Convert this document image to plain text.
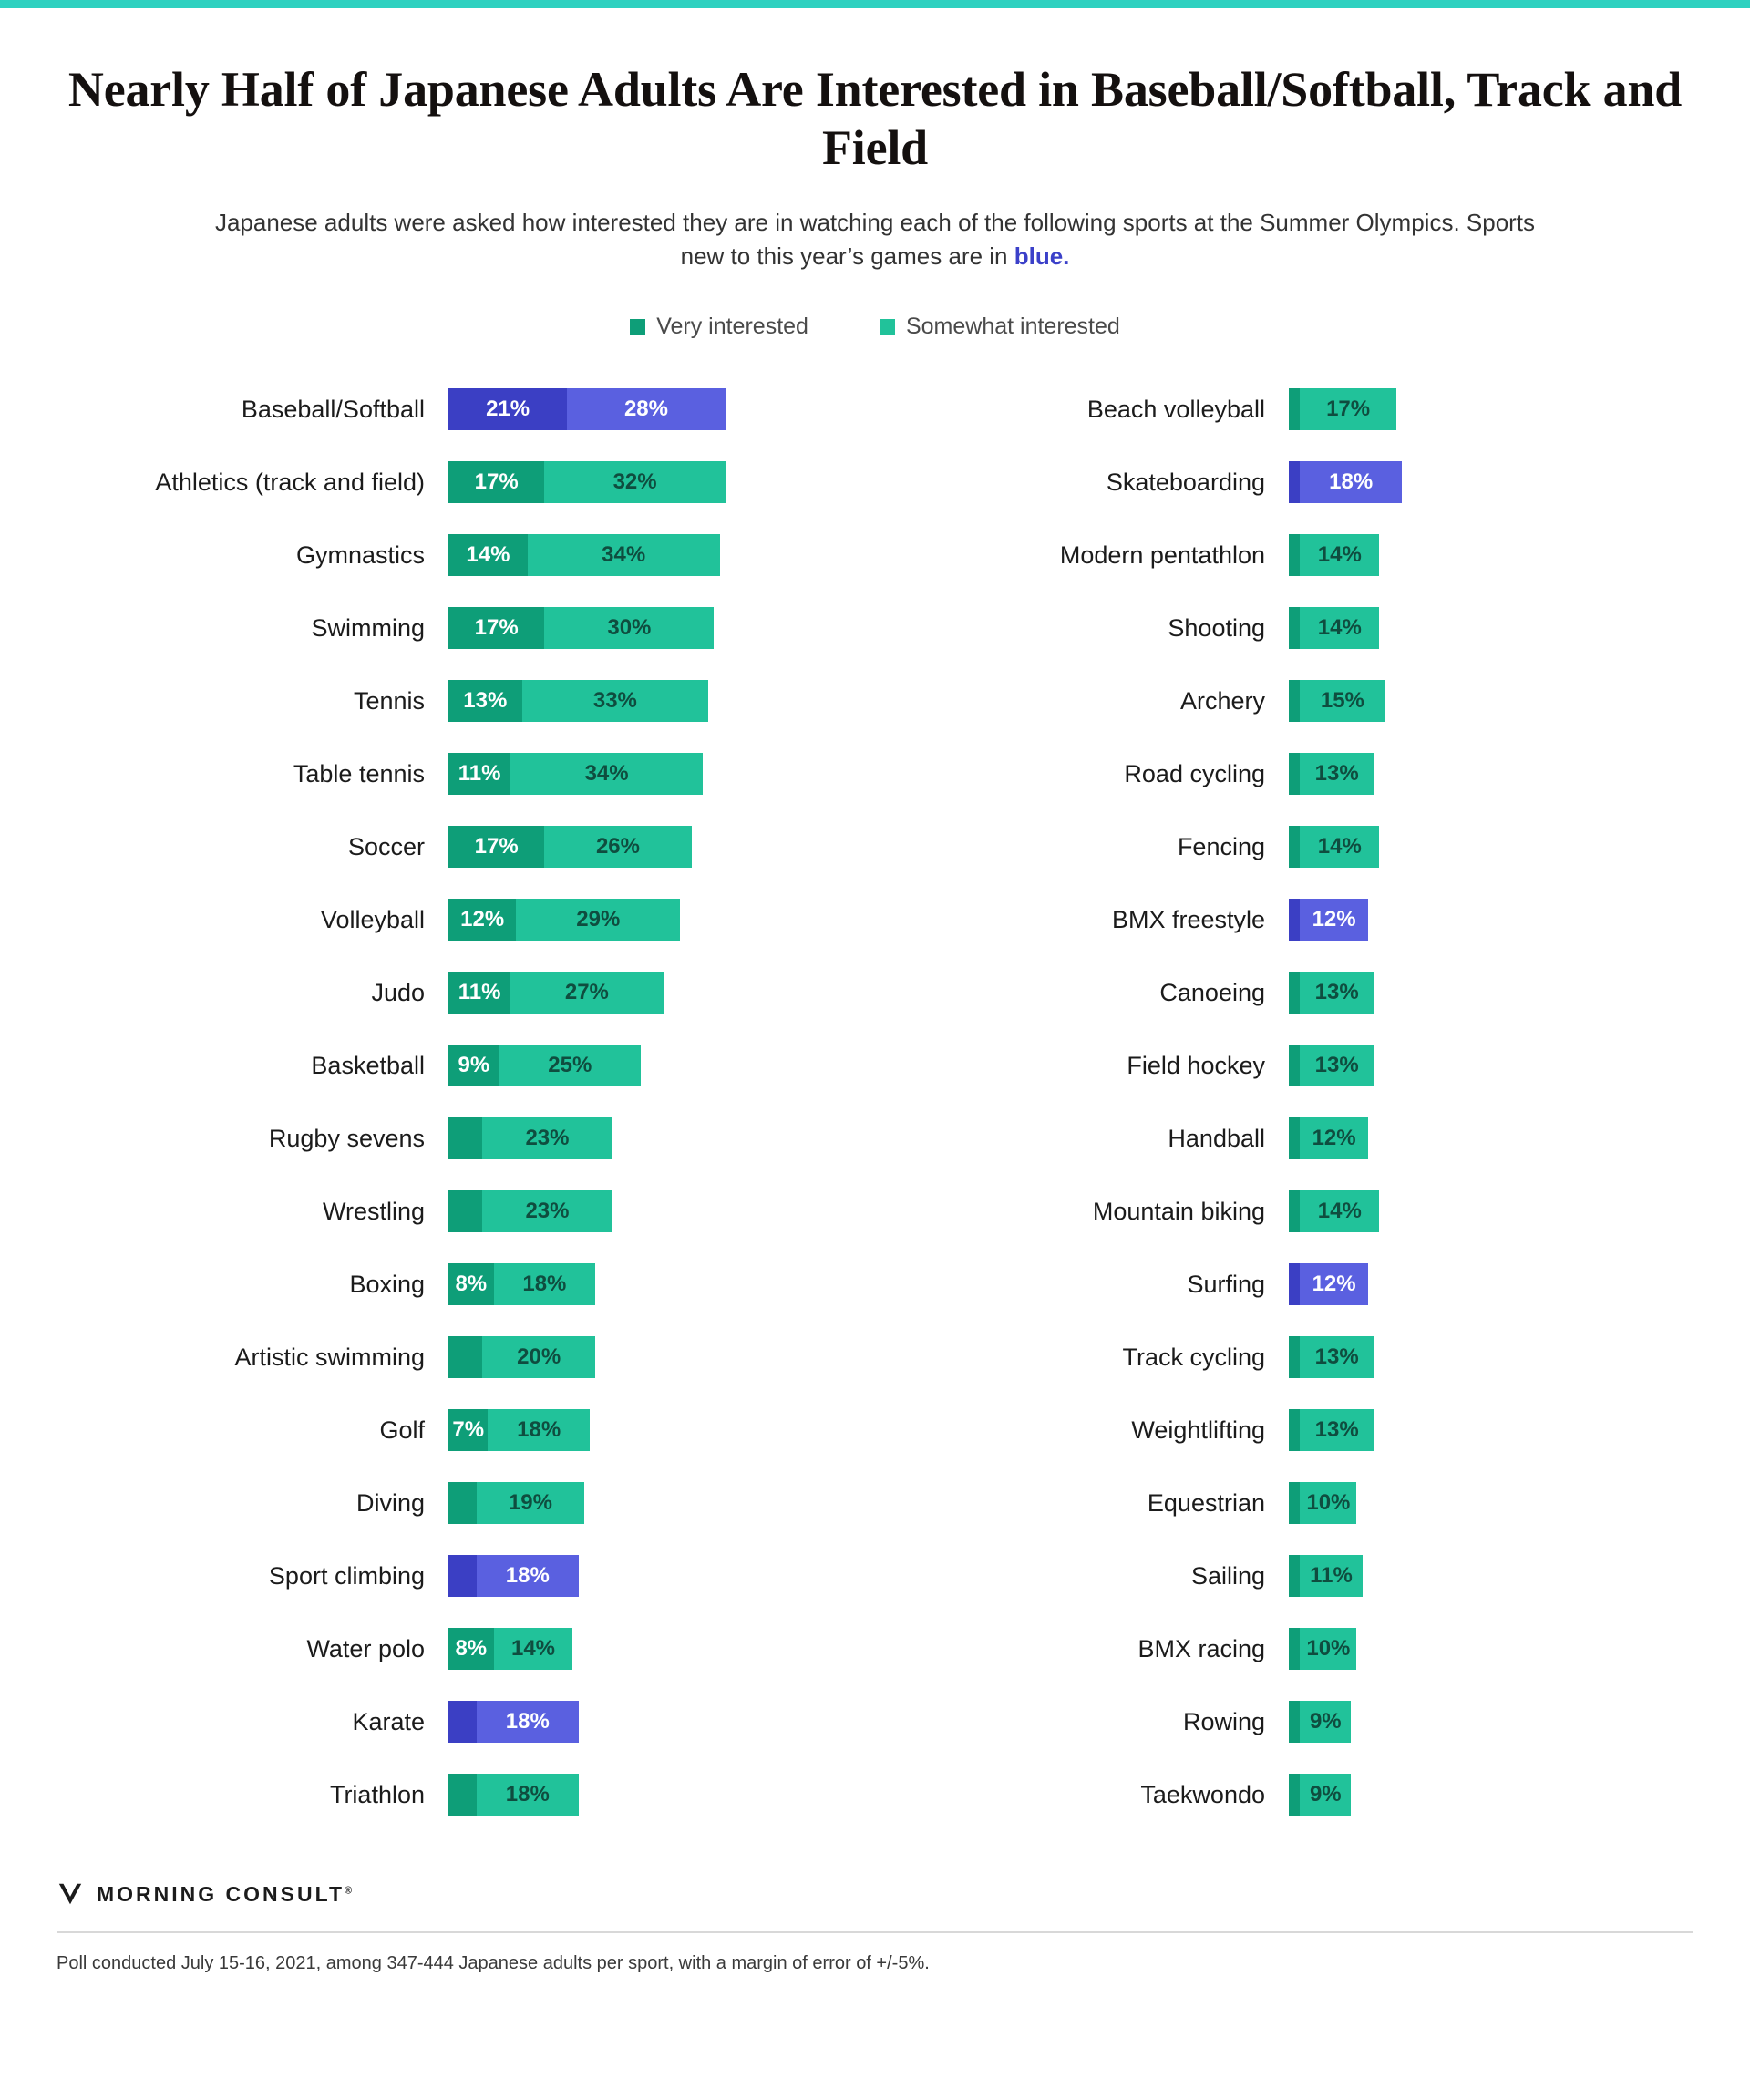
Nearly Half of Japanese Adults Are Interested in Baseball/Softball, Track and Field
Japanese adults were asked how interested they are in watching each of the following sports at the Summer Olympics. Sports new to this year’s games are in blue.
Very interested	Somewhat interested
Baseball/Softball	21%	28%
Athletics (track and field)	17%	32%
Gymnastics	14%	34%
Swimming	17%	30%
Tennis	13%	33%
Table tennis	11%	34%
Soccer	17%	26%
Volleyball	12%	29%
Judo	11%	27%
Basketball	9%	25%
Rugby sevens	23%
Wrestling	23%
Boxing	8%	18%
Artistic swimming	20%
Golf	7%	18%
Diving	19%
Sport climbing	18%
Water polo	8%	14%
Karate	18%
Triathlon	18%
Beach volleyball	17%
Skateboarding	18%
Modern pentathlon	14%
Shooting	14%
Archery	15%
Road cycling	13%
Fencing	14%
BMX freestyle	12%
Canoeing	13%
Field hockey	13%
Handball	12%
Mountain biking	14%
Surfing	12%
Track cycling	13%
Weightlifting	13%
Equestrian	10%
Sailing	11%
BMX racing	10%
Rowing	9%
Taekwondo	9%
MORNING CONSULT®
Poll conducted July 15-16, 2021, among 347-444 Japanese adults per sport, with a margin of error of +/-5%.
